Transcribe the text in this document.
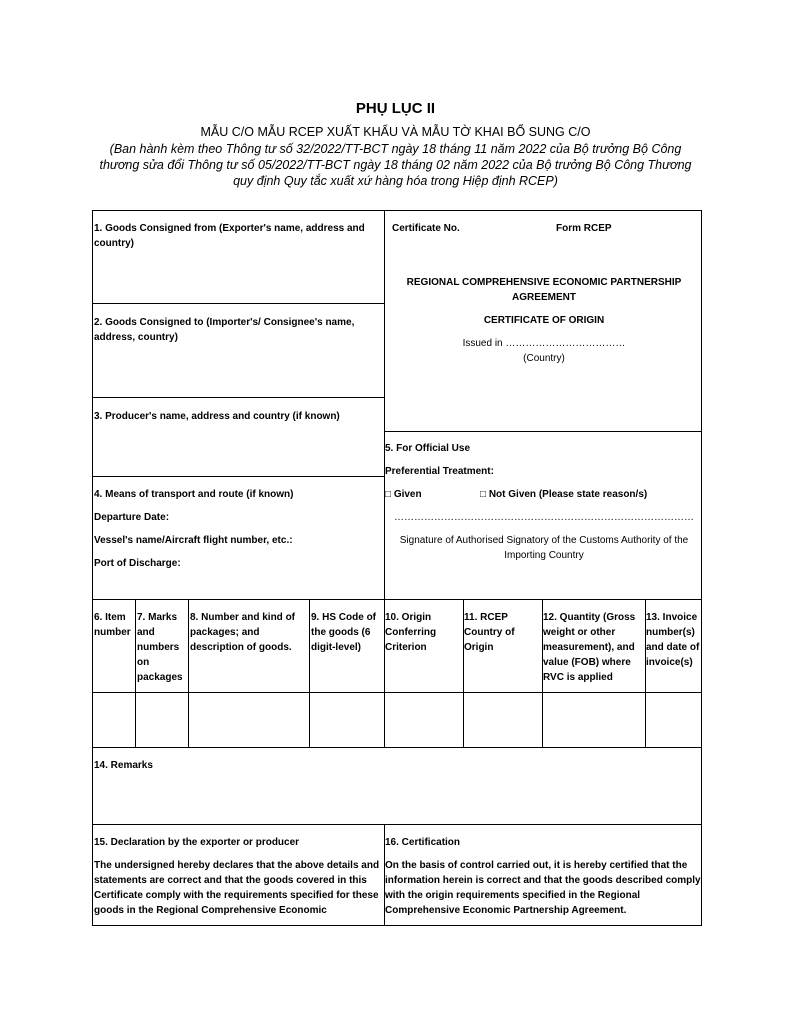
PHỤ LỤC II
MẪU C/O MẪU RCEP XUẤT KHẨU VÀ MẪU TỜ KHAI BỔ SUNG C/O
(Ban hành kèm theo Thông tư số 32/2022/TT-BCT ngày 18 tháng 11 năm 2022 của Bộ trưởng Bộ Công thương sửa đổi Thông tư số 05/2022/TT-BCT ngày 18 tháng 02 năm 2022 của Bộ trưởng Bộ Công Thương quy định Quy tắc xuất xứ hàng hóa trong Hiệp định RCEP)
1. Goods Consigned from (Exporter's name, address and country)
2. Goods Consigned to (Importer's/ Consignee's name, address, country)
3. Producer's name, address and country (if known)
4. Means of transport and route (if known)
Departure Date:
Vessel's name/Aircraft flight number, etc.:
Port of Discharge:
Certificate No.	Form RCEP
REGIONAL COMPREHENSIVE ECONOMIC PARTNERSHIP AGREEMENT
CERTIFICATE OF ORIGIN
Issued in ………………………………
(Country)
5. For Official Use
Preferential Treatment:
□ Given	□ Not Given (Please state reason/s)
………………………………………………………………………………
Signature of Authorised Signatory of the Customs Authority of the Importing Country
6. Item number
7. Marks and numbers on packages
8. Number and kind of packages; and description of goods.
9. HS Code of the goods (6 digit-level)
10. Origin Conferring Criterion
11. RCEP Country of Origin
12. Quantity (Gross weight or other measurement), and value (FOB) where RVC is applied
13. Invoice number(s) and date of invoice(s)
14. Remarks
15. Declaration by the exporter or producer
The undersigned hereby declares that the above details and statements are correct and that the goods covered in this Certificate comply with the requirements specified for these goods in the Regional Comprehensive Economic
16. Certification
On the basis of control carried out, it is hereby certified that the information herein is correct and that the goods described comply with the origin requirements specified in the Regional Comprehensive Economic Partnership Agreement.
